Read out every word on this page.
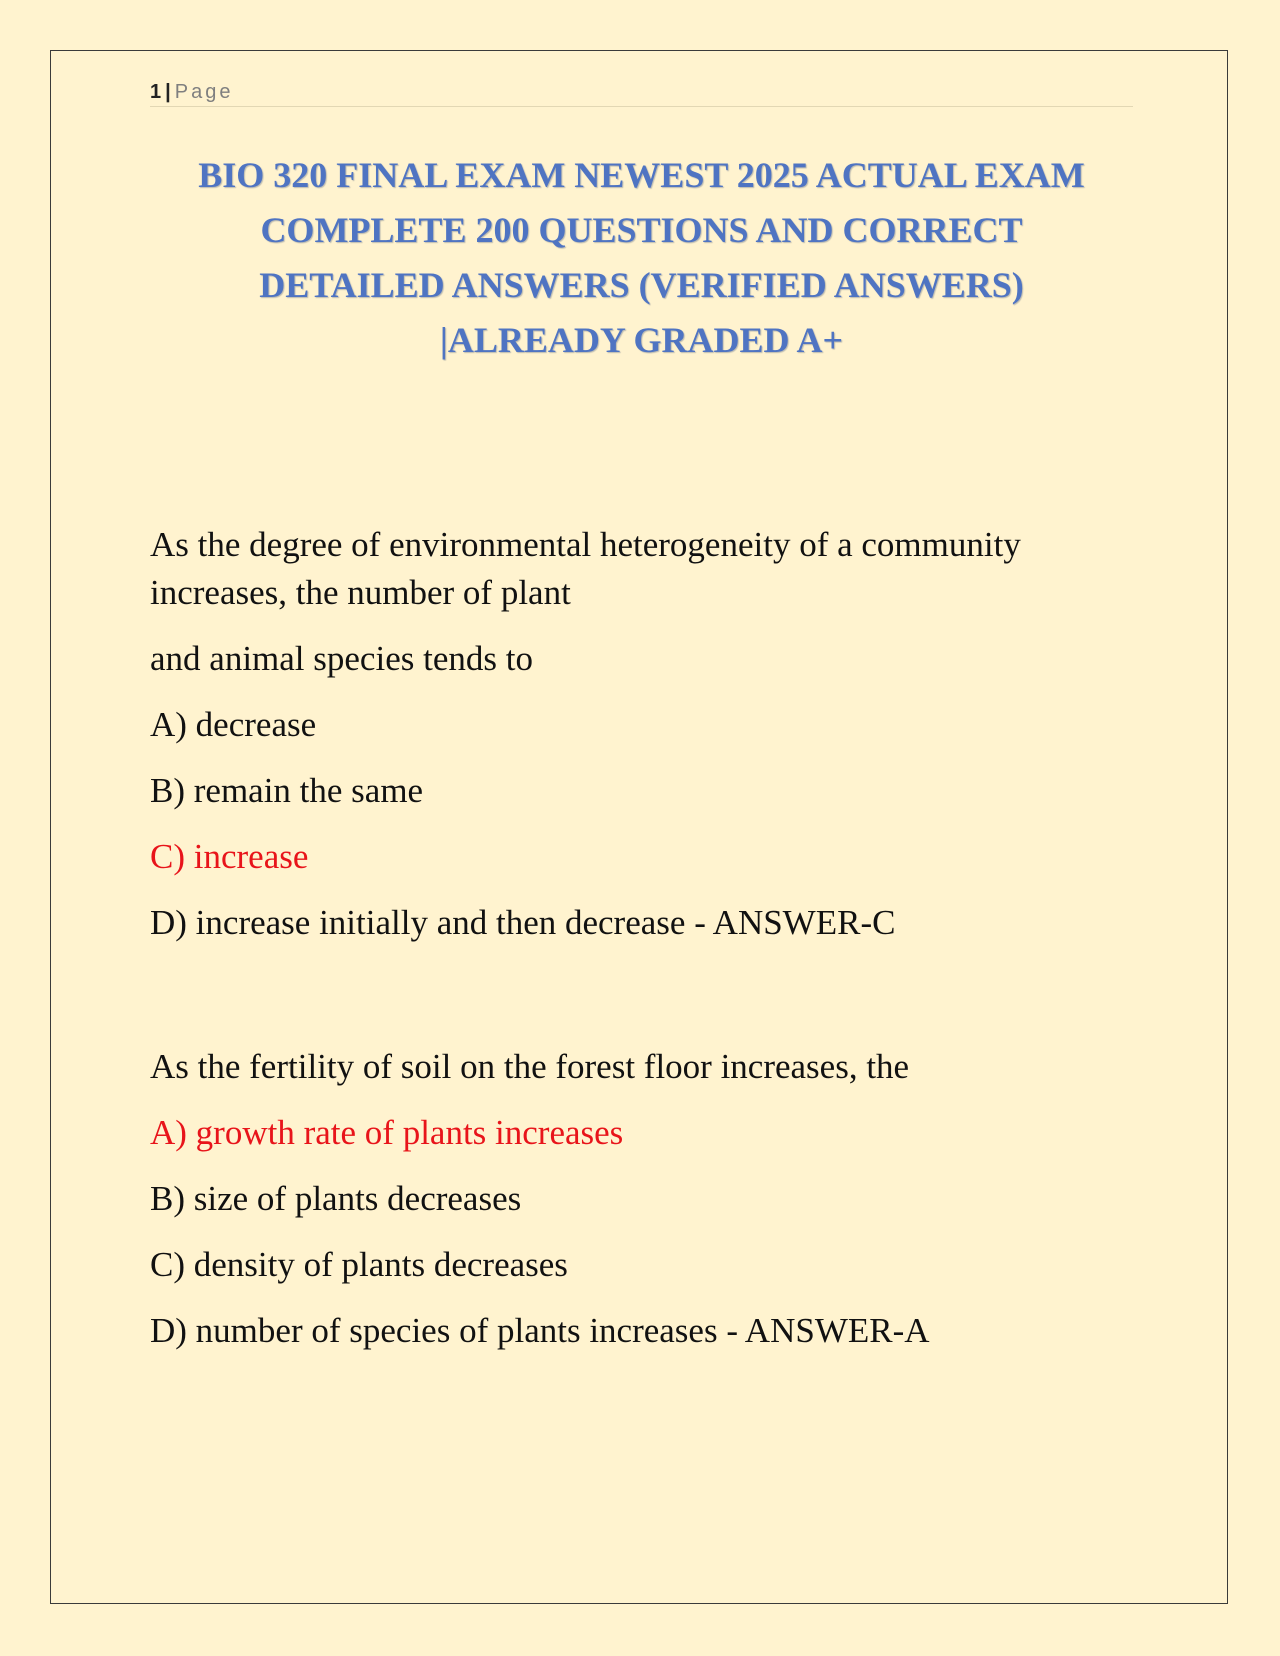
1 | Page
BIO 320 FINAL EXAM NEWEST 2025 ACTUAL EXAM
COMPLETE 200 QUESTIONS AND CORRECT
DETAILED ANSWERS (VERIFIED ANSWERS)
|ALREADY GRADED A+
As the degree of environmental heterogeneity of a community
increases, the number of plant
and animal species tends to
A) decrease
B) remain the same
C) increase
D) increase initially and then decrease - ANSWER-C
As the fertility of soil on the forest floor increases, the
A) growth rate of plants increases
B) size of plants decreases
C) density of plants decreases
D) number of species of plants increases - ANSWER-A
